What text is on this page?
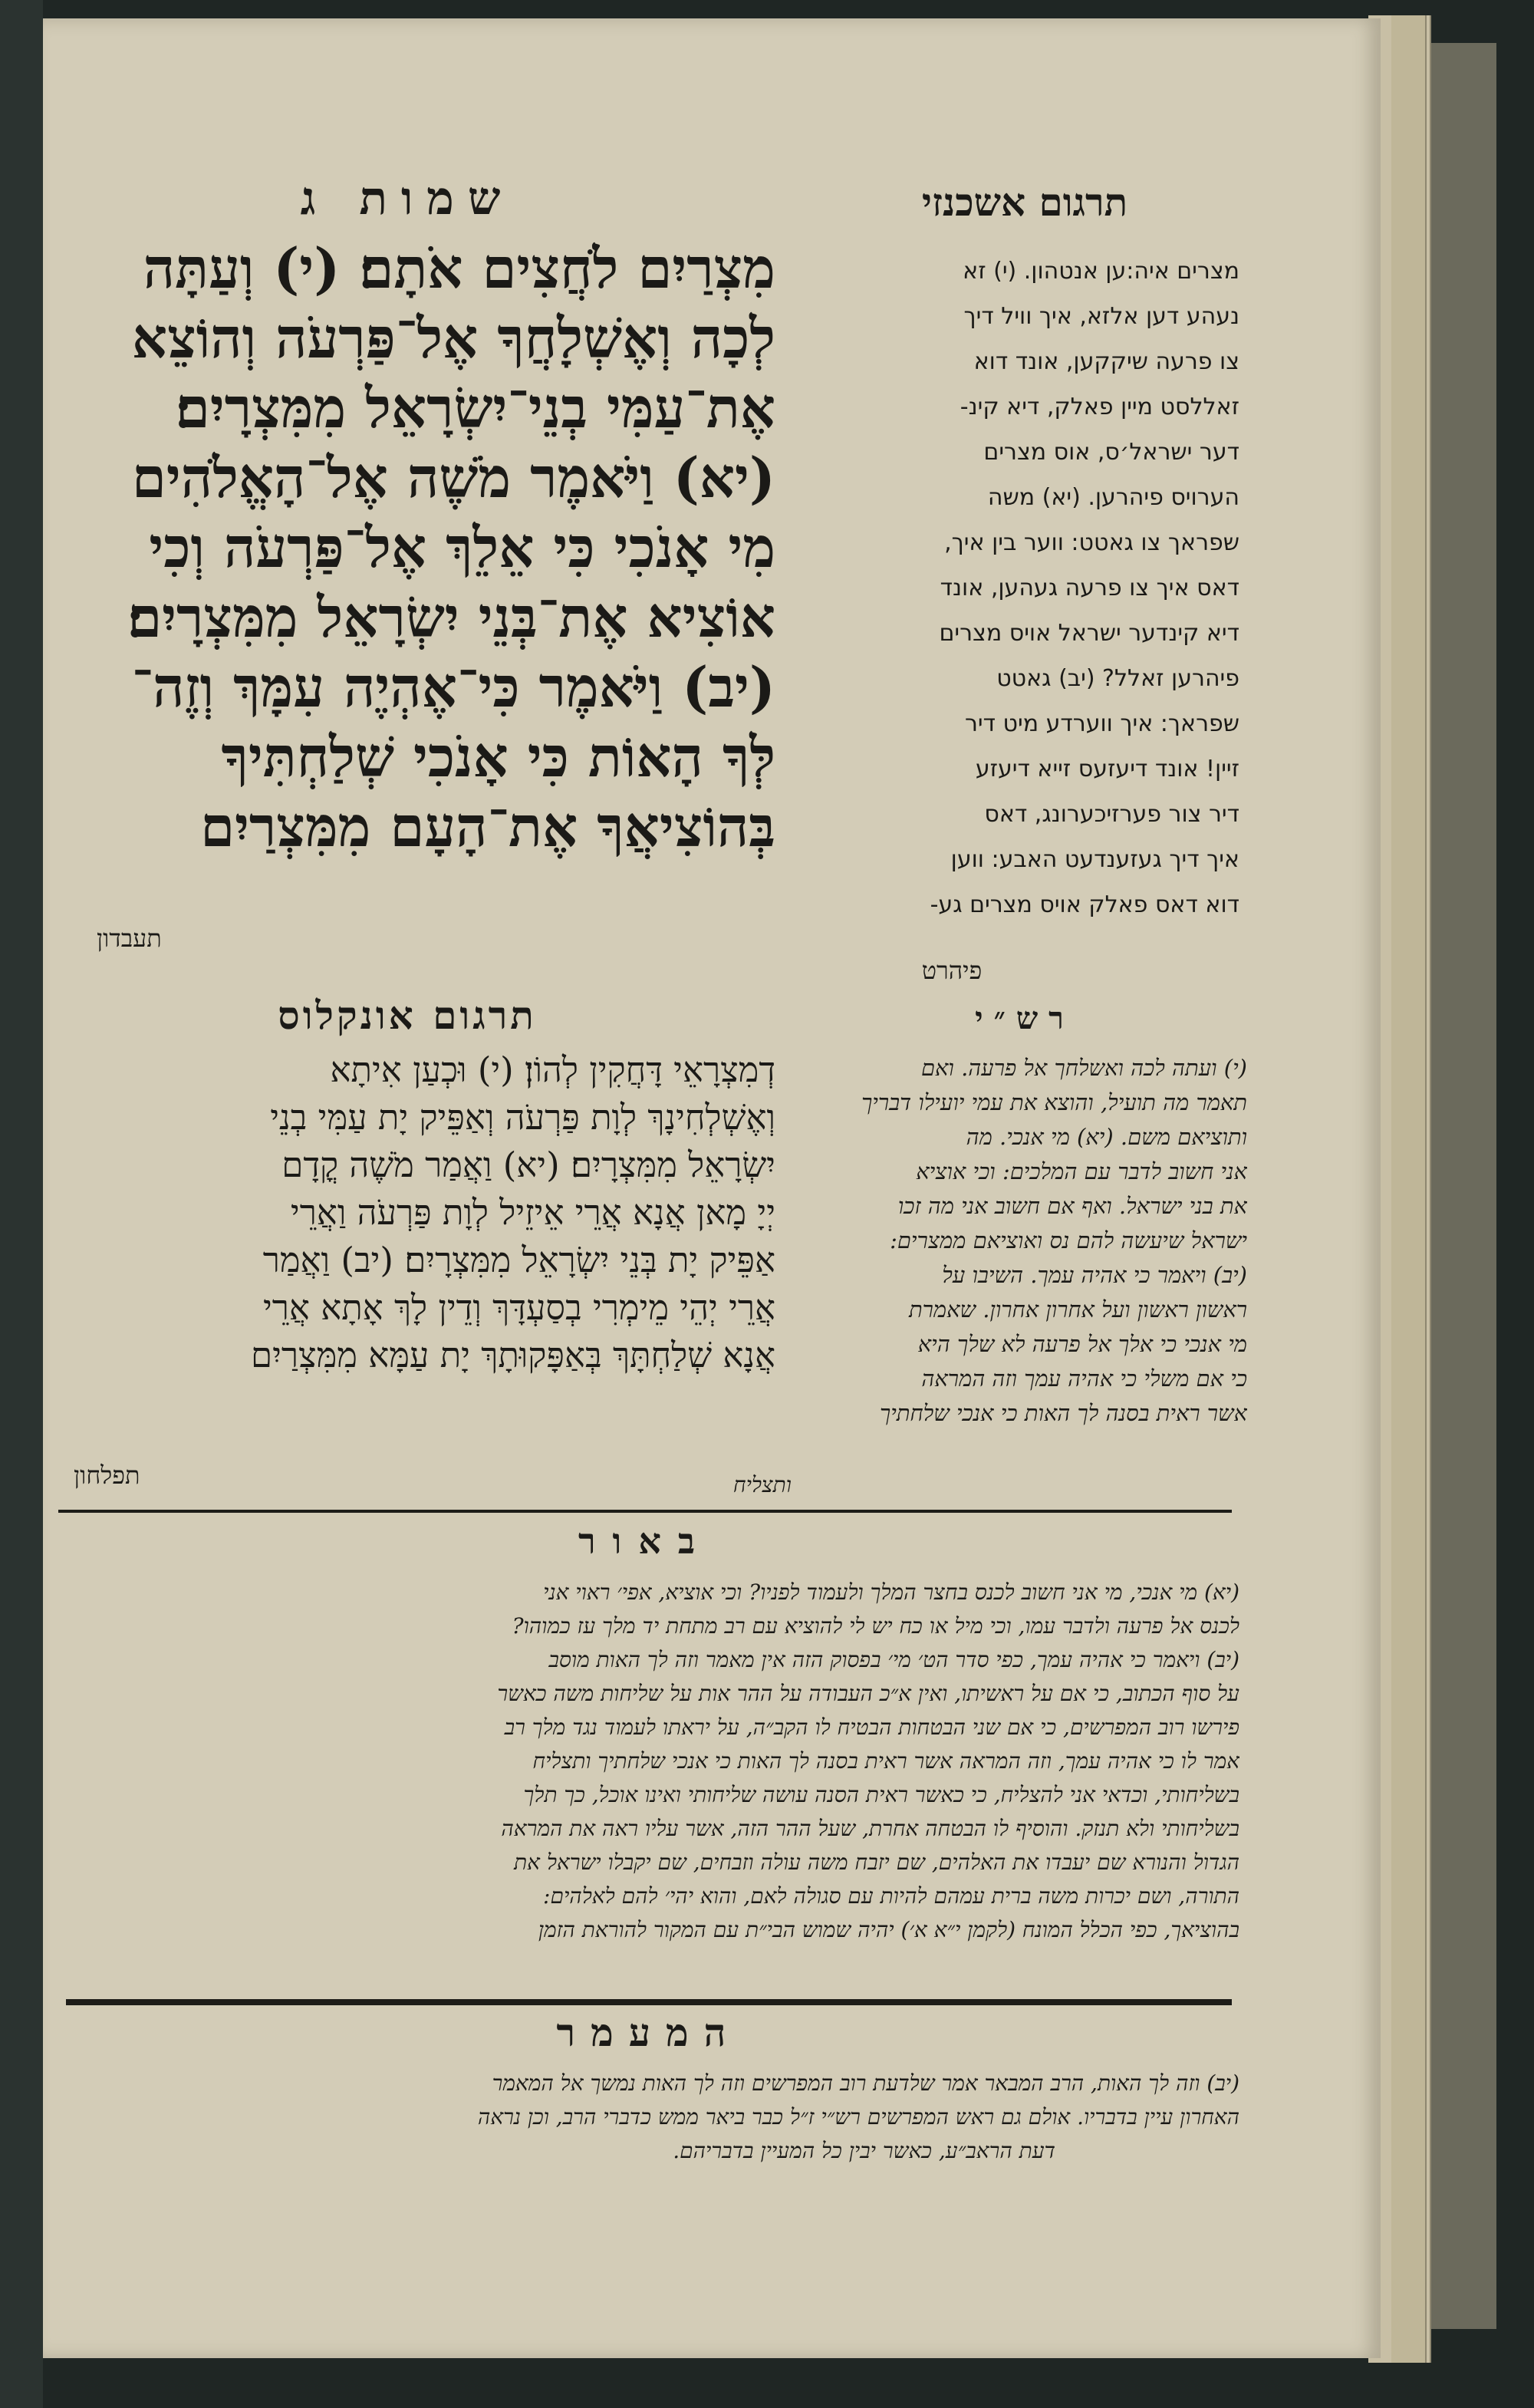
תרגום אשכנזי
שמות ג
מצרים איה:ען אנטהון. (י) זא
נעהע דען אלזא, איך וויל דיך
צו פרעה שיקקען, אונד דוא
זאללסט מיין פאלק, דיא קינ-
דער ישראל׳ס, אוס מצרים
הערויס פיהרען. (יא) משה
שפראך צו גאטט: ווער בין איך,
דאס איך צו פרעה געהען, אונד
דיא קינדער ישראל אויס מצרים
פיהרען זאלל? (יב) גאטט
שפראך: איך ווערדע מיט דיר
זיין! אונד דיעזעס זייא דיעזע
דיר צור פערזיכערונג, דאס
איך דיך געזענדעט האבע: ווען
דוא דאס פאלק אויס מצרים גע-
פיהרט
מִצְרַיִם לֹחֲצִים אֹתָם׃ (י) וְעַתָּה
לְכָה וְאֶשְׁלָחֲךָ אֶל־פַּרְעֹה וְהוֹצֵא
אֶת־עַמִּי בְנֵי־יִשְׂרָאֵל מִמִּצְרָיִם׃
(יא) וַיֹּאמֶר מֹשֶׁה אֶל־הָאֱלֹהִים
מִי אָנֹכִי כִּי אֵלֵךְ אֶל־פַּרְעֹה וְכִי
אוֹצִיא אֶת־בְּנֵי יִשְׂרָאֵל מִמִּצְרָיִם׃
(יב) וַיֹּאמֶר כִּי־אֶהְיֶה עִמָּךְ וְזֶה־
לְּךָ הָאוֹת כִּי אָנֹכִי שְׁלַחְתִּיךָ
בְּהוֹצִיאֲךָ אֶת־הָעָם מִמִּצְרַיִם
תעבדון
תרגום אונקלוס
דְמִצְרָאֵי דָּחֲקִין לְהוֹן׃ (י) וּכְעַן אִיתָא
וְאֶשְׁלְחִינָךְ לְוָת פַּרְעֹה וְאַפֵּיק יָת עַמִּי בְנֵי
יִשְׂרָאֵל מִמִּצְרָיִם׃ (יא) וַאֲמַר מֹשֶׁה קֳדָם
יְיָ מָאן אֲנָא אֲרֵי אֵיזֵיל לְוָת פַּרְעֹה וַאֲרֵי
אַפֵּיק יָת בְּנֵי יִשְׂרָאֵל מִמִּצְרָיִם׃ (יב) וַאֲמַר
אֲרֵי יְהֵי מֵימְרִי בְסַעְדָּךְ וְדֵין לָךְ אָתָא אֲרֵי
אֲנָא שְׁלַחְתָּךְ בְּאַפָּקוּתָךְ יָת עַמָּא מִמִּצְרַיִם
תפלחון
רש״י
(י) ועתה לכה ואשלחך אל פרעה. ואם
תאמר מה תועיל, והוצא את עמי יועילו דבריך
ותוציאם משם. (יא) מי אנכי. מה
אני חשוב לדבר עם המלכים: וכי אוציא
את בני ישראל. ואף אם חשוב אני מה זכו
ישראל שיעשה להם נס ואוציאם ממצרים:
(יב) ויאמר כי אהיה עמך. השיבו על
ראשון ראשון ועל אחרון אחרון. שאמרת
מי אנכי כי אלך אל פרעה לא שלך היא
כי אם משלי כי אהיה עמך וזה המראה
אשר ראית בסנה לך האות כי אנכי שלחתיך
ותצליח
באור
(יא) מי אנכי, מי אני חשוב לכנס בחצר המלך ולעמוד לפניו? וכי אוציא, אפי׳ ראוי אני
לכנס אל פרעה ולדבר עמו, וכי מיל או כח יש לי להוציא עם רב מתחת יד מלך עז כמוהו?
(יב) ויאמר כי אהיה עמך, כפי סדר הט׳ מי׳ בפסוק הזה אין מאמר וזה לך האות מוסב
על סוף הכתוב, כי אם על ראשיתו, ואין א״כ העבודה על ההר אות על שליחות משה כאשר
פירשו רוב המפרשים, כי אם שני הבטחות הבטיח לו הקב״ה, על יראתו לעמוד נגד מלך רב
אמר לו כי אהיה עמך, וזה המראה אשר ראית בסנה לך האות כי אנכי שלחתיך ותצליח
בשליחותי, וכדאי אני להצליח, כי כאשר ראית הסנה עושה שליחותי ואינו אוכל, כך תלך
בשליחותי ולא תנזק. והוסיף לו הבטחה אחרת, שעל ההר הזה, אשר עליו ראה את המראה
הגדול והנורא שם יעבדו את האלהים, שם יזבח משה עולה וזבחים, שם יקבלו ישראל את
התורה, ושם יכרות משה ברית עמהם להיות עם סגולה לאם, והוא יהי׳ להם לאלהים:
בהוציאך, כפי הכלל המונח (לקמן י״א א׳) יהיה שמוש הבי״ת עם המקור להוראת הזמן
המעמר
(יב) וזה לך האות, הרב המבאר אמר שלדעת רוב המפרשים וזה לך האות נמשך אל המאמר
האחרון עיין בדבריו. אולם גם ראש המפרשים רש״י ז״ל כבר ביאר ממש כדברי הרב, וכן נראה
דעת הראב״ע, כאשר יבין כל המעיין בדבריהם.
